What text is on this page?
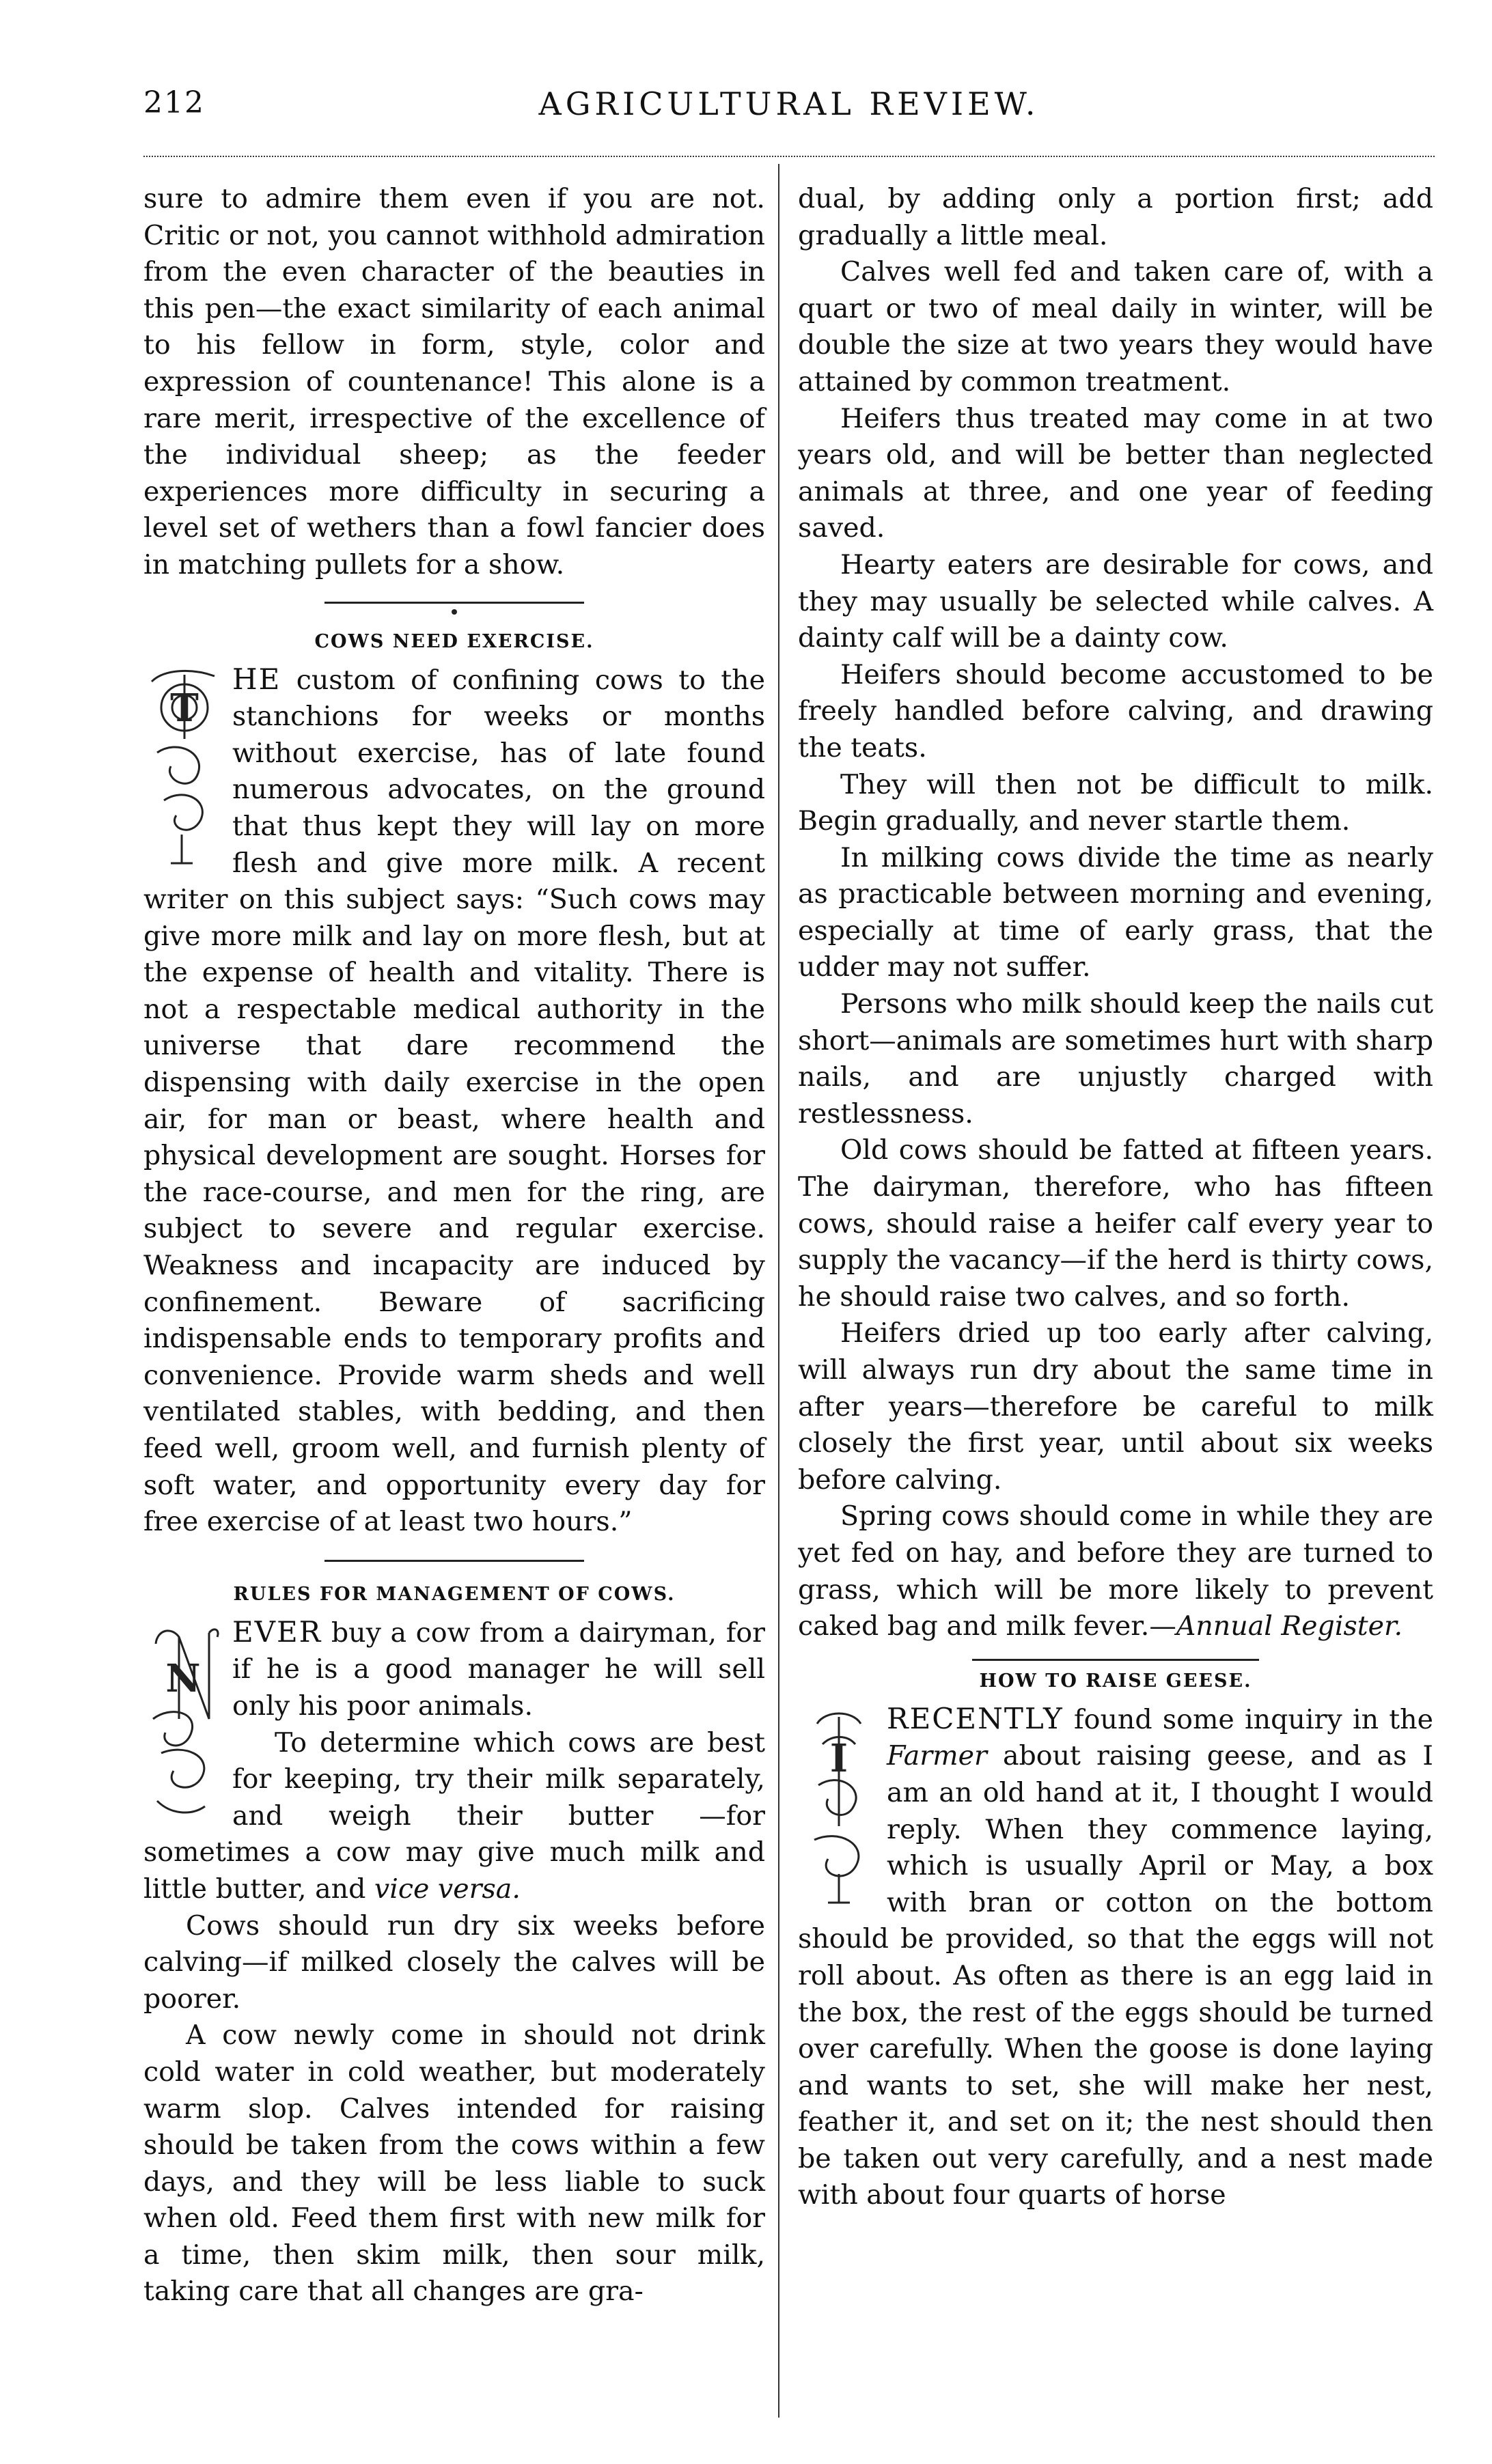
212	AGRICULTURAL REVIEW.

sure to admire them even if you are not. Critic or not, you cannot withhold admiration from the even character of the beauties in this pen—the exact similarity of each animal to his fellow in form, style, color and expression of countenance! This alone is a rare merit, irrespective of the excellence of the individual sheep; as the feeder experiences more difficulty in securing a level set of wethers than a fowl fancier does in matching pullets for a show.

COWS NEED EXERCISE.

T
HE custom of confining cows to the stanchions for weeks or months without exercise, has of late found numerous advocates, on the ground that thus kept they will lay on more flesh and give more milk. A recent writer on this subject says: “Such cows may give more milk and lay on more flesh, but at the expense of health and vitality. There is not a respectable medical authority in the universe that dare recommend the dispensing with daily exercise in the open air, for man or beast, where health and physical development are sought. Horses for the race-course, and men for the ring, are subject to severe and regular exercise. Weakness and incapacity are induced by confinement. Beware of sacrificing indispensable ends to temporary profits and convenience. Provide warm sheds and well ventilated stables, with bedding, and then feed well, groom well, and furnish plenty of soft water, and opportunity every day for free exercise of at least two hours.”

RULES FOR MANAGEMENT OF COWS.

N
EVER buy a cow from a dairyman, for if he is a good manager he will sell only his poor animals.

To determine which cows are best for keeping, try their milk separately, and weigh their butter —for sometimes a cow may give much milk and little butter, and vice versa.

Cows should run dry six weeks before calving—if milked closely the calves will be poorer.

A cow newly come in should not drink cold water in cold weather, but moderately warm slop. Calves intended for raising should be taken from the cows within a few days, and they will be less liable to suck when old. Feed them first with new milk for a time, then skim milk, then sour milk, taking care that all changes are gra-

dual, by adding only a portion first; add gradually a little meal.

Calves well fed and taken care of, with a quart or two of meal daily in winter, will be double the size at two years they would have attained by common treatment.

Heifers thus treated may come in at two years old, and will be better than neglected animals at three, and one year of feeding saved.

Hearty eaters are desirable for cows, and they may usually be selected while calves. A dainty calf will be a dainty cow.

Heifers should become accustomed to be freely handled before calving, and drawing the teats.

They will then not be difficult to milk. Begin gradually, and never startle them.

In milking cows divide the time as nearly as practicable between morning and evening, especially at time of early grass, that the udder may not suffer.

Persons who milk should keep the nails cut short—animals are sometimes hurt with sharp nails, and are unjustly charged with restlessness.

Old cows should be fatted at fifteen years. The dairyman, therefore, who has fifteen cows, should raise a heifer calf every year to supply the vacancy—if the herd is thirty cows, he should raise two calves, and so forth.

Heifers dried up too early after calving, will always run dry about the same time in after years—therefore be careful to milk closely the first year, until about six weeks before calving.

Spring cows should come in while they are yet fed on hay, and before they are turned to grass, which will be more likely to prevent caked bag and milk fever.—Annual Register.

HOW TO RAISE GEESE.

I
RECENTLY found some inquiry in the Farmer about raising geese, and as I am an old hand at it, I thought I would reply. When they commence laying, which is usually April or May, a box with bran or cotton on the bottom should be provided, so that the eggs will not roll about. As often as there is an egg laid in the box, the rest of the eggs should be turned over carefully. When the goose is done laying and wants to set, she will make her nest, feather it, and set on it; the nest should then be taken out very carefully, and a nest made with about four quarts of horse
